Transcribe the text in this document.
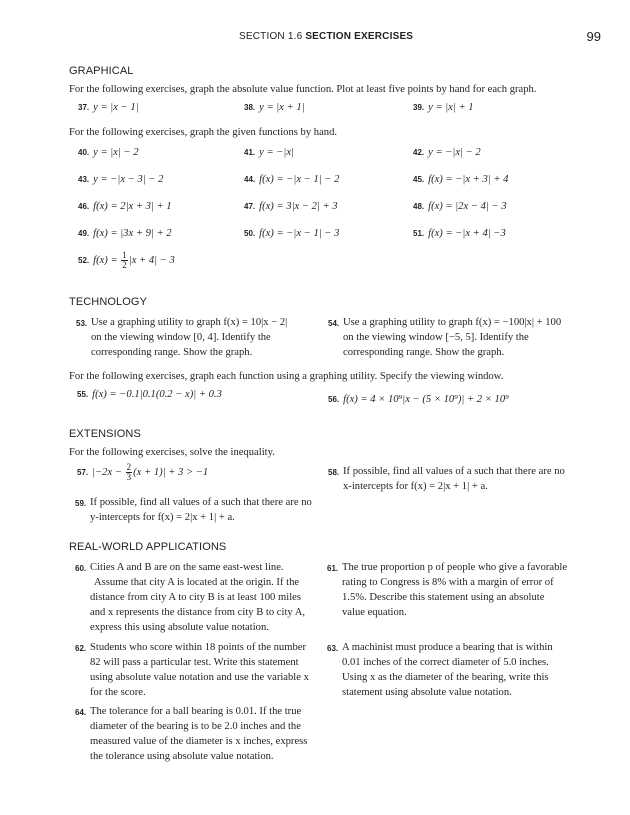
SECTION 1.6 SECTION EXERCISES	99
GRAPHICAL
For the following exercises, graph the absolute value function. Plot at least five points by hand for each graph.
37. y = |x − 1|	38. y = |x + 1|	39. y = |x| + 1
For the following exercises, graph the given functions by hand.
40. y = |x| − 2	41. y = −|x|	42. y = −|x| − 2
43. y = −|x − 3| − 2	44. f(x) = −|x − 1| − 2	45. f(x) = −|x + 3| + 4
46. f(x) = 2|x + 3| + 1	47. f(x) = 3|x − 2| + 3	48. f(x) = |2x − 4| − 3
49. f(x) = |3x + 9| + 2	50. f(x) = −|x − 1| − 3	51. f(x) = −|x + 4| −3
52. $f(x) = \frac{1}{2} |x + 4| - 3$
TECHNOLOGY
53. Use a graphing utility to graph f(x) = 10|x − 2|
on the viewing window [0, 4]. Identify the
corresponding range. Show the graph.
54. Use a graphing utility to graph f(x) = −100|x| + 100
on the viewing window [−5, 5]. Identify the
corresponding range. Show the graph.
For the following exercises, graph each function using a graphing utility. Specify the viewing window.
55. f(x) = −0.1|0.1(0.2 − x)| + 0.3	56. f(x) = 4 × 10⁹|x − (5 × 10⁹)| + 2 × 10⁹
EXTENSIONS
For the following exercises, solve the inequality.
57. $|-2x - \frac{2}{3} (x + 1)| + 3 > -1$	58. If possible, find all values of a such that there are no
x-intercepts for f(x) = 2|x + 1| + a.
59. If possible, find all values of a such that there are no
y-intercepts for f(x) = 2|x + 1| + a.
REAL-WORLD APPLICATIONS
60. Cities A and B are on the same east-west line.
Assume that city A is located at the origin. If the
distance from city A to city B is at least 100 miles
and x represents the distance from city B to city A,
express this using absolute value notation.
61. The true proportion p of people who give a favorable
rating to Congress is 8% with a margin of error of
1.5%. Describe this statement using an absolute
value equation.
62. Students who score within 18 points of the number
82 will pass a particular test. Write this statement
using absolute value notation and use the variable x
for the score.
63. A machinist must produce a bearing that is within
0.01 inches of the correct diameter of 5.0 inches.
Using x as the diameter of the bearing, write this
statement using absolute value notation.
64. The tolerance for a ball bearing is 0.01. If the true
diameter of the bearing is to be 2.0 inches and the
measured value of the diameter is x inches, express
the tolerance using absolute value notation.
